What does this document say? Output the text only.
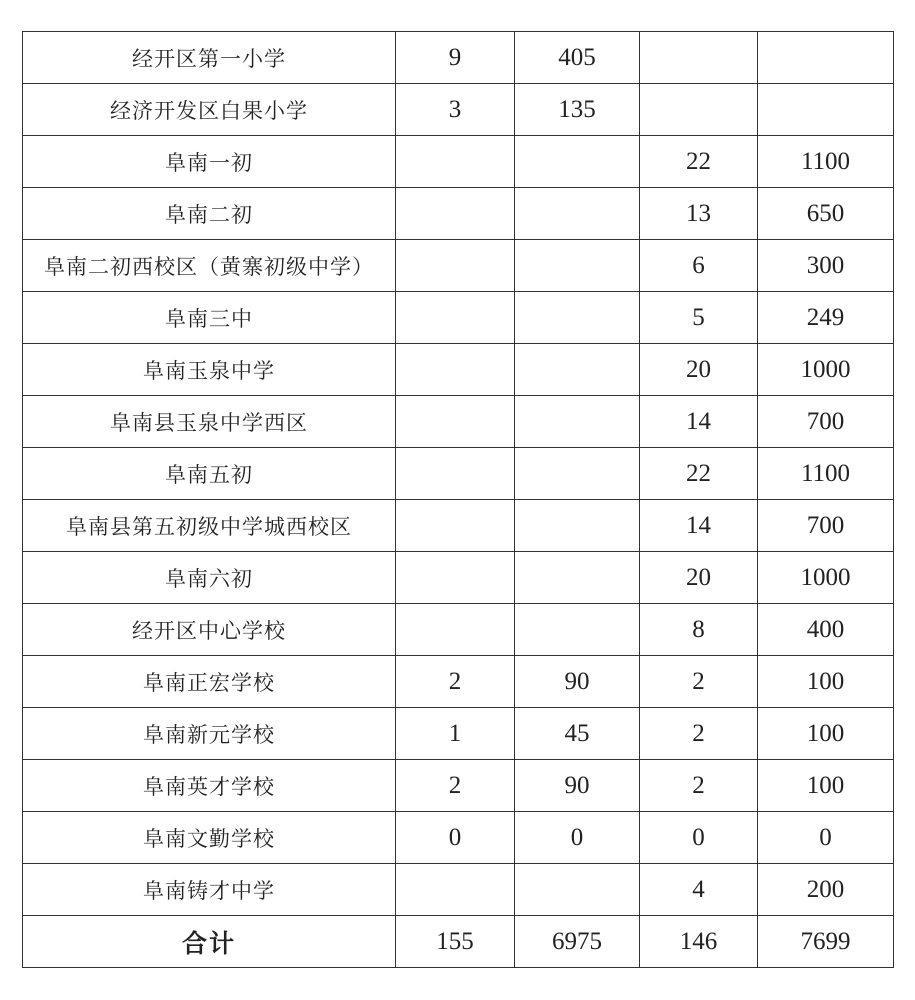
经开区第一小学	9	405		
经济开发区白果小学	3	135		
阜南一初			22	1100
阜南二初			13	650
阜南二初西校区（黄寨初级中学）			6	300
阜南三中			5	249
阜南玉泉中学			20	1000
阜南县玉泉中学西区			14	700
阜南五初			22	1100
阜南县第五初级中学城西校区			14	700
阜南六初			20	1000
经开区中心学校			8	400
阜南正宏学校	2	90	2	100
阜南新元学校	1	45	2	100
阜南英才学校	2	90	2	100
阜南文勤学校	0	0	0	0
阜南铸才中学			4	200
合计	155	6975	146	7699
